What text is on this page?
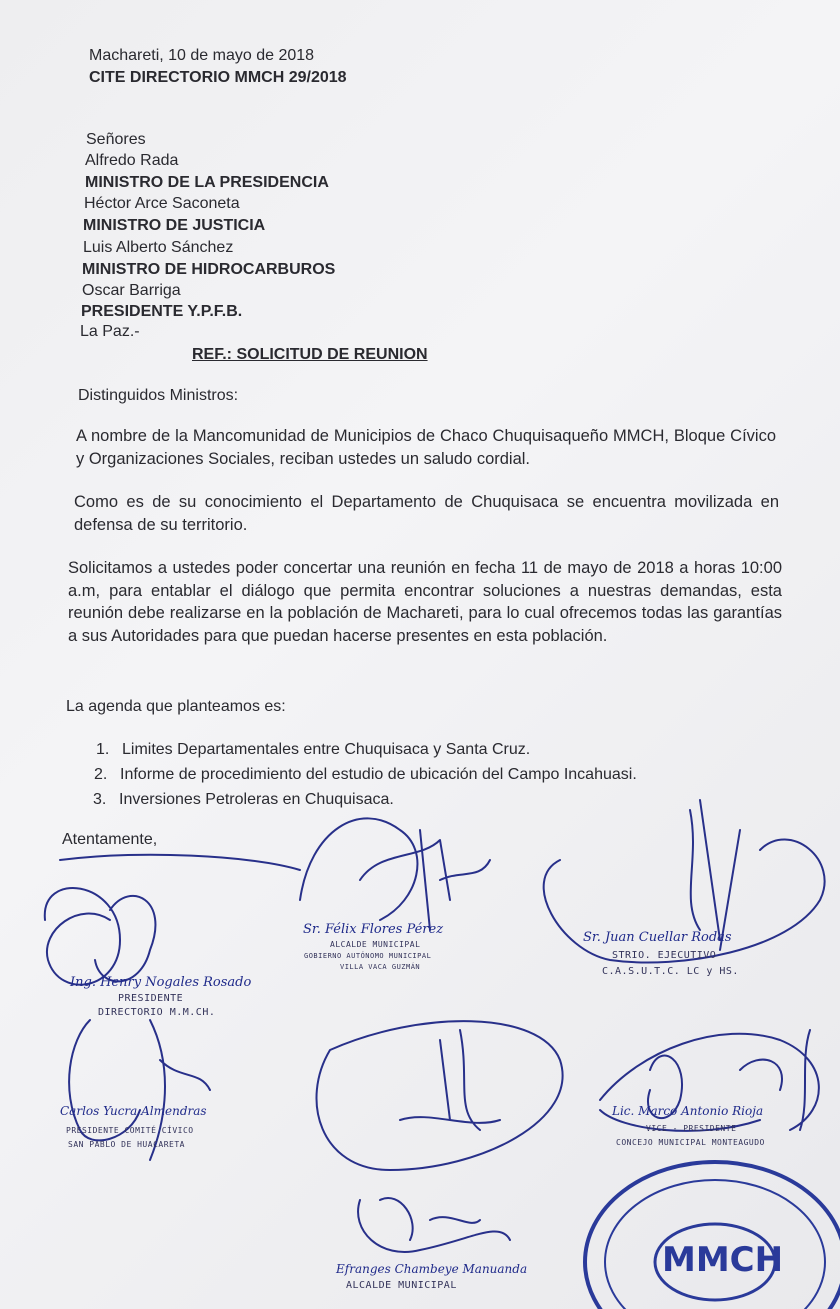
Machareti, 10 de mayo de 2018
CITE DIRECTORIO MMCH 29/2018
Señores
Alfredo Rada
MINISTRO DE LA PRESIDENCIA
Héctor Arce Saconeta
MINISTRO DE JUSTICIA
Luis Alberto Sánchez
MINISTRO DE HIDROCARBUROS
Oscar Barriga
PRESIDENTE Y.P.F.B.
La Paz.-
REF.: SOLICITUD DE REUNION
Distinguidos Ministros:
A nombre de la Mancomunidad de Municipios de Chaco Chuquisaqueño MMCH, Bloque Cívico y Organizaciones Sociales, reciban ustedes un saludo cordial.
Como es de su conocimiento el Departamento de Chuquisaca se encuentra movilizada en defensa de su territorio.
Solicitamos a ustedes poder concertar una reunión en fecha 11 de mayo de 2018 a horas 10:00 a.m, para entablar el diálogo que permita encontrar soluciones a nuestras demandas, esta reunión debe realizarse en la población de Machareti, para lo cual ofrecemos todas las garantías a sus Autoridades para que puedan hacerse presentes en esta población.
La agenda que planteamos es:
1. Limites Departamentales entre Chuquisaca y Santa Cruz.
2. Informe de procedimiento del estudio de ubicación del Campo Incahuasi.
3. Inversiones Petroleras en Chuquisaca.
Atentamente,
Ing. Henry Nogales Rosado
PRESIDENTE
DIRECTORIO M.M.CH.
Sr. Félix Flores Pérez
ALCALDE MUNICIPAL
GOBIERNO AUTÓNOMO MUNICIPAL
VILLA VACA GUZMÁN
Sr. Juan Cuellar Rodas
STRIO. EJECUTIVO
C.A.S.U.T.C. LC y HS.
Carlos Yucra Almendras
PRESIDENTE COMITÉ CÍVICO
SAN PABLO DE HUACARETA
Lic. Marco Antonio Rioja
VICE - PRESIDENTE
CONCEJO MUNICIPAL MONTEAGUDO
Efranges Chambeye Manuanda
ALCALDE MUNICIPAL
MMCH
